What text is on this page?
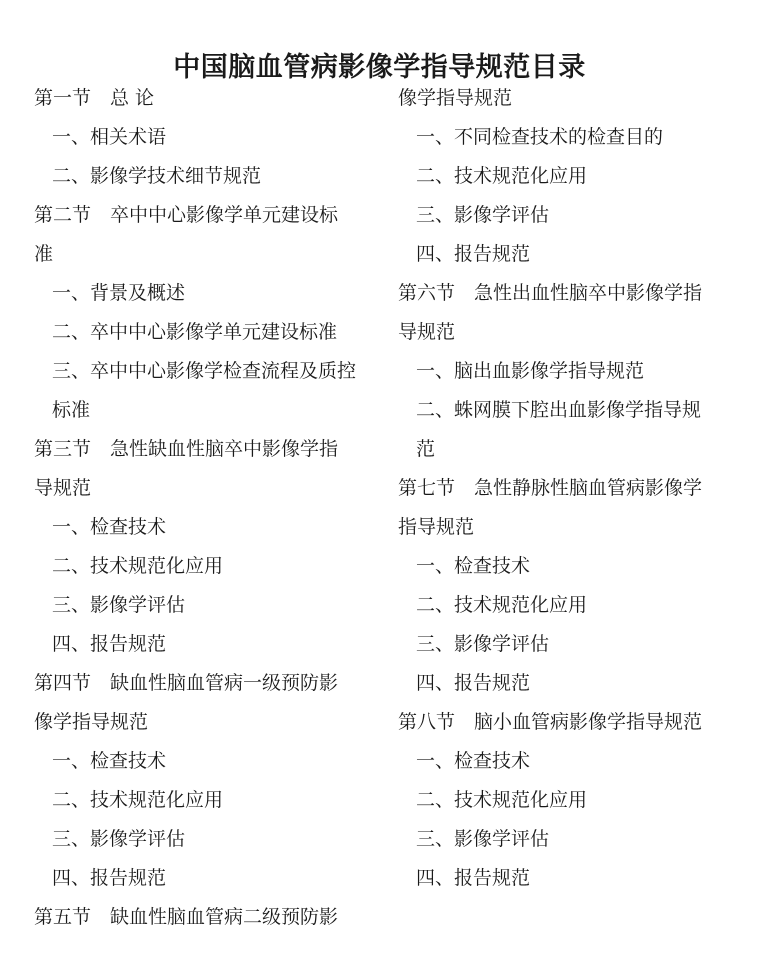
中国脑血管病影像学指导规范目录
第一节　总 论
一、相关术语
二、影像学技术细节规范
第二节　卒中中心影像学单元建设标
准
一、背景及概述
二、卒中中心影像学单元建设标准
三、卒中中心影像学检查流程及质控
标准
第三节　急性缺血性脑卒中影像学指
导规范
一、检查技术
二、技术规范化应用
三、影像学评估
四、报告规范
第四节　缺血性脑血管病一级预防影
像学指导规范
一、检查技术
二、技术规范化应用
三、影像学评估
四、报告规范
第五节　缺血性脑血管病二级预防影
像学指导规范
一、不同检查技术的检查目的
二、技术规范化应用
三、影像学评估
四、报告规范
第六节　急性出血性脑卒中影像学指
导规范
一、脑出血影像学指导规范
二、蛛网膜下腔出血影像学指导规
范
第七节　急性静脉性脑血管病影像学
指导规范
一、检查技术
二、技术规范化应用
三、影像学评估
四、报告规范
第八节　脑小血管病影像学指导规范
一、检查技术
二、技术规范化应用
三、影像学评估
四、报告规范
